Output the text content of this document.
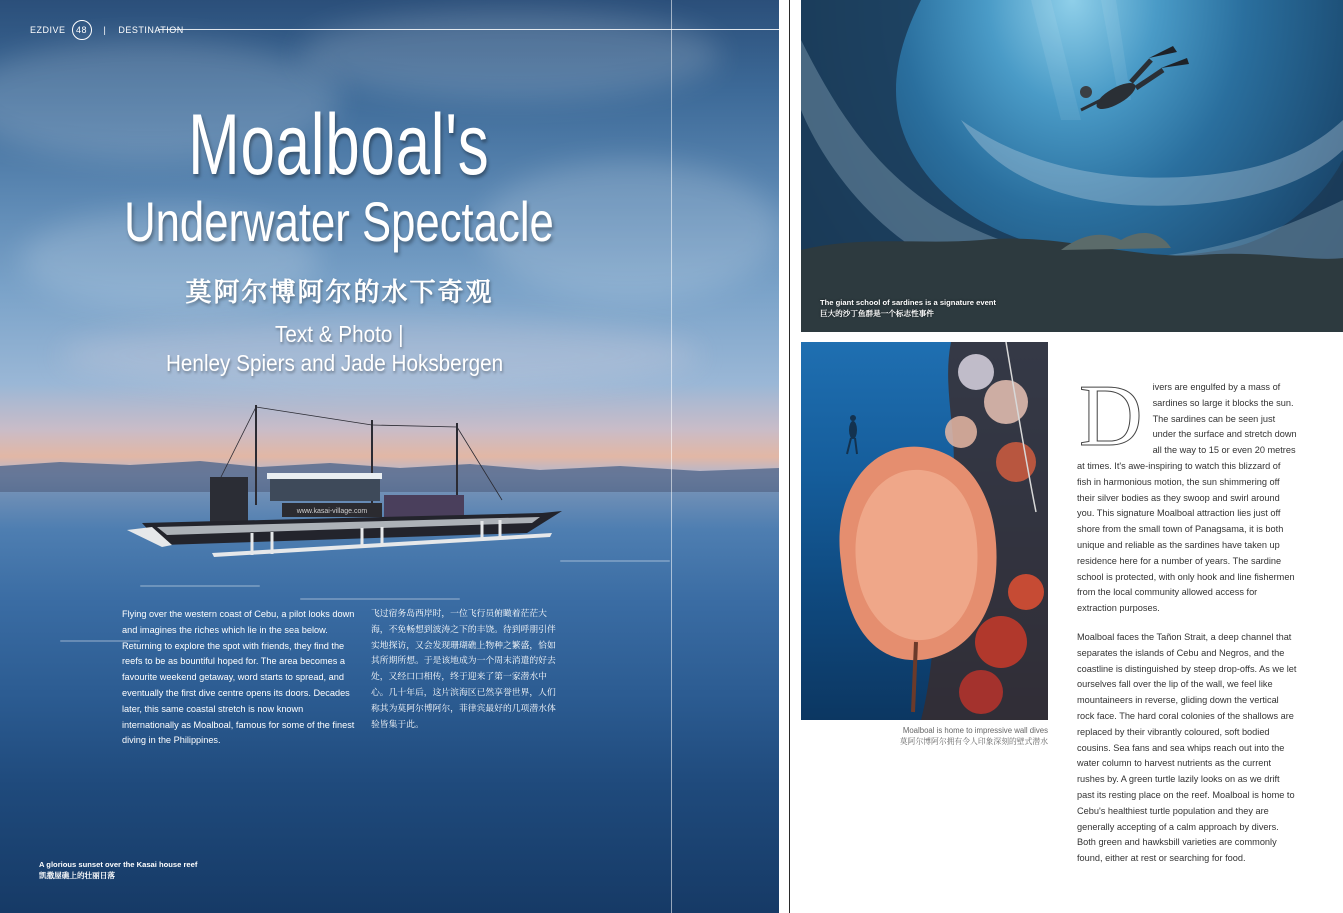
www.kasai-village.com
EZDIVE	48	| DESTINATION
Moalboal's
Underwater Spectacle
莫阿尔博阿尔的水下奇观
Text & Photo |
Henley Spiers and Jade Hoksbergen

Flying over the western coast of Cebu, a pilot looks down and imagines the riches which lie in the sea below. Returning to explore the spot with friends, they find the reefs to be as bountiful hoped for. The area becomes a favourite weekend getaway, word starts to spread, and eventually the first dive centre opens its doors. Decades later, this same coastal stretch is now known internationally as Moalboal, famous for some of the finest diving in the Philippines.

飞过宿务岛西岸时，一位飞行员俯瞰着茫茫大海，不免畅想到波涛之下的丰饶。待到呼朋引伴实地探访，又会发现珊瑚礁上物种之繁盛，恰如其所期所想。于是该地成为一个周末消遣的好去处，又经口口相传，终于迎来了第一家潜水中心。几十年后，这片滨海区已然享誉世界，人们称其为莫阿尔博阿尔，菲律宾最好的几项潜水体验皆集于此。

A glorious sunset over the Kasai house reef
凯撒屋礁上的壮丽日落
The giant school of sardines is a signature event
巨大的沙丁鱼群是一个标志性事件
Moalboal is home to impressive wall dives
莫阿尔博阿尔拥有令人印象深刻的壁式潜水

D ivers are engulfed by a mass of sardines so large it blocks the sun. The sardines can be seen just under the surface and stretch down all the way to 15 or even 20 metres at times. It's awe-inspiring to watch this blizzard of fish in harmonious motion, the sun shimmering off their silver bodies as they swoop and swirl around you. This signature Moalboal attraction lies just off shore from the small town of Panagsama, it is both unique and reliable as the sardines have taken up residence here for a number of years. The sardine school is protected, with only hook and line fishermen from the local community allowed access for extraction purposes.

Moalboal faces the Tañon Strait, a deep channel that separates the islands of Cebu and Negros, and the coastline is distinguished by steep drop-offs. As we let ourselves fall over the lip of the wall, we feel like mountaineers in reverse, gliding down the vertical rock face. The hard coral colonies of the shallows are replaced by their vibrantly coloured, soft bodied cousins. Sea fans and sea whips reach out into the water column to harvest nutrients as the current rushes by. A green turtle lazily looks on as we drift past its resting place on the reef. Moalboal is home to Cebu's healthiest turtle population and they are generally accepting of a calm approach by divers. Both green and hawksbill varieties are commonly found, either at rest or searching for food.
